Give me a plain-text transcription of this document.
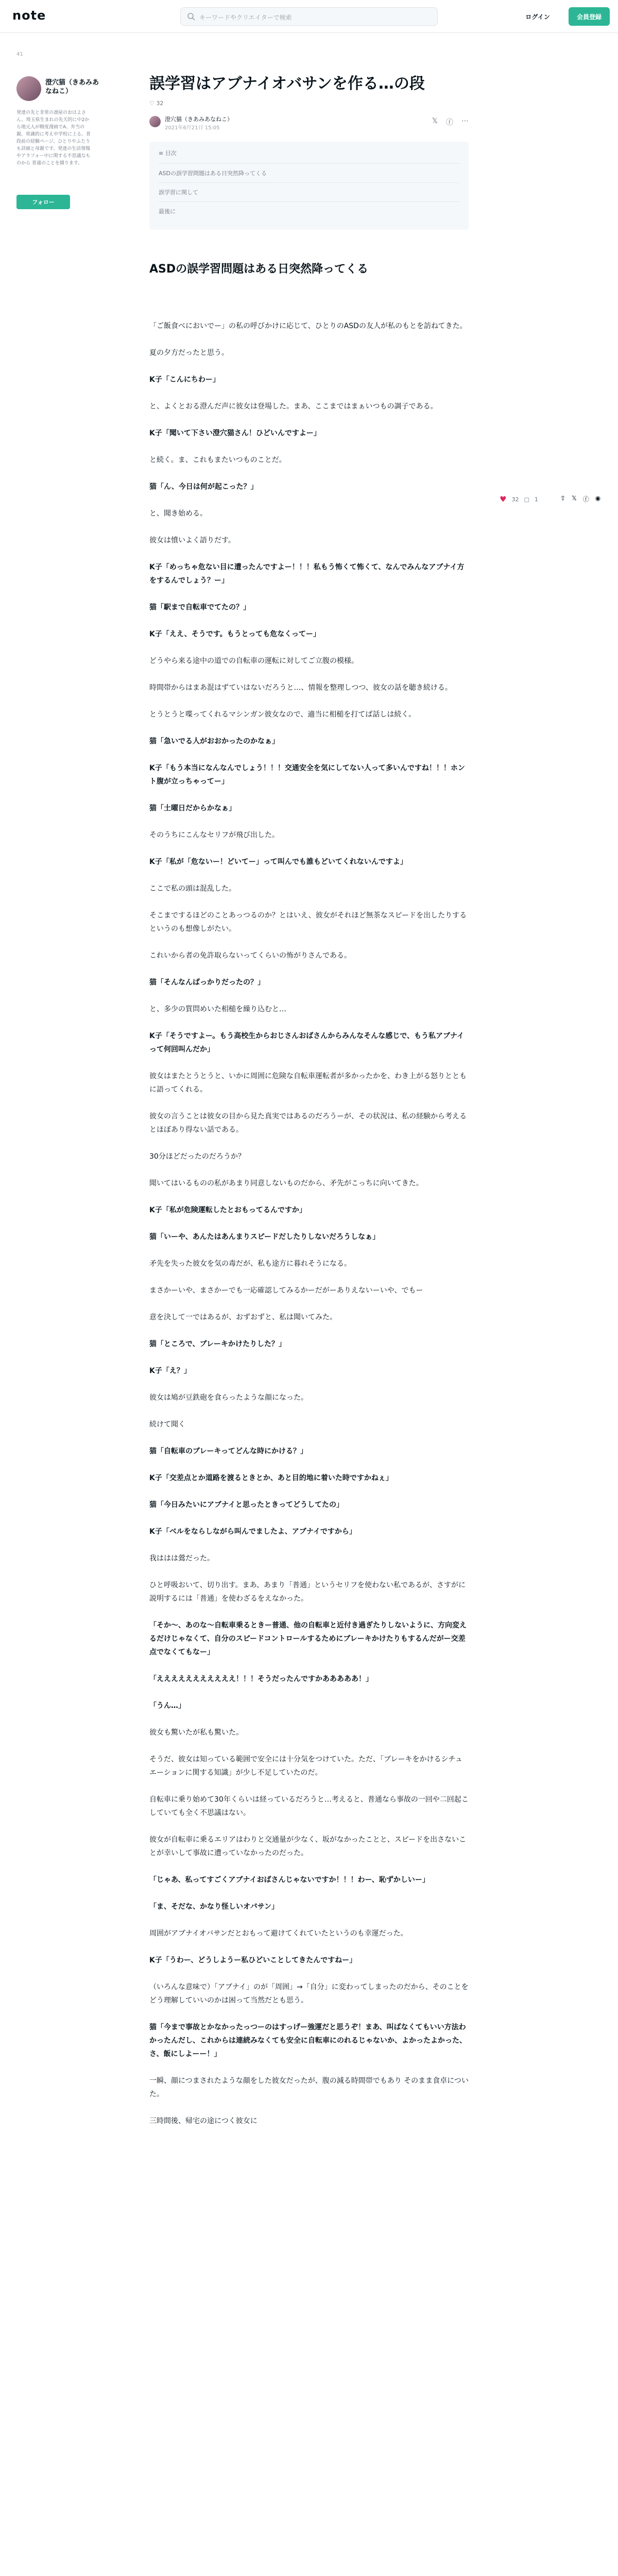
note	キーワードやクリエイターで検索	ログイン	会員登録
41
澄穴猫（きあみあなねこ）
発達の先と非常の凛屋のおはよさん。埼玉県生まれの先天的に中2から地元人が精度漫画でA、弁当の親。常識的に考え中学校に上る。普段前の経験ページ。ひとりやふたりも詳細と母親です。発達の生活情報やアラフォー中に関する不思議なものから 普通のことを綴ります。
フォロー
誤学習はアブナイオバサンを作る…の段
♡ 32
澄穴猫（きあみあなねこ）
2021年6月21日 15:05
𝕏 ⓕ ⋯
≡ 目次
ASDの誤学習問題はある日突然降ってくる
誤学習に関して
最後に
ASDの誤学習問題はある日突然降ってくる

「ご飯食べにおいでー」の私の呼びかけに応じて、ひとりのASDの友人が私のもとを訪ねてきた。

夏の夕方だったと思う。

K子「こんにちわー」

と、よくとおる澄んだ声に彼女は登場した。まあ、ここまではまぁいつもの調子である。

K子「聞いて下さい澄穴猫さん！ひどいんですよー」

と続く。ま、これもまたいつものことだ。

猫「ん、今日は何が起こった？」

と、聞き始める。

彼女は憤いよく語りだす。

K子「めっちゃ危ない目に遭ったんですよー！！！私もう怖くて怖くて、なんでみんなアブナイ方をするんでしょう？ー」

猫「駅まで自転車でてたの？」

K子「ええ、そうです。もうとっても危なくってー」

どうやら来る途中の道での自転車の運転に対してご立腹の模様。

時間帯からはまあ混はずていはないだろうと…、情報を整理しつつ、彼女の話を聴き続ける。

とうとうと喋ってくれるマシンガン彼女なので、適当に相槌を打てば話しは続く。

猫「急いでる人がおおかったのかなぁ」

K子「もう本当になんなんでしょう！！！交通安全を気にしてない人って多いんですね！！！ホント腹が立っちゃってー」

猫「土曜日だからかなぁ」

そのうちにこんなセリフが飛び出した。

K子「私が「危ないー！どいてー」って叫んでも誰もどいてくれないんですよ」

ここで私の頭は混乱した。

そこまでするほどのことあっつるのか？とはいえ、彼女がそれほど無茶なスピードを出したりするというのも想像しがたい。

これいから者の免許取らないってくらいの怖がりさんである。

猫「そんなんばっかりだったの？」

と、多少の質問めいた相槌を繰り込むと…

K子「そうですよー。もう高校生からおじさんおばさんからみんなそんな感じで、もう私アブナイって何回叫んだか」

彼女はまたとうとうと、いかに周囲に危険な自転車運転者が多かったかを、わき上がる怒りとともに語ってくれる。

彼女の言うことは彼女の目から見た真実ではあるのだろうーが、その状況は、私の経験から考えるとほぼあり得ない話である。

30分ほどだったのだろうか？

聞いてはいるものの私があまり同意しないものだから、矛先がこっちに向いてきた。

K子「私が危険運転したとおもってるんですか」

猫「いーや、あんたはあんまりスピードだしたりしないだろうしなぁ」

矛先を失った彼女を気の毒だが、私も途方に暮れそうになる。

まさかーいや、まさかーでも一応確認してみるかーだがーありえないーいや、でもー

意を決して一ではあるが、おずおずと、私は聞いてみた。

猫「ところで、ブレーキかけたりした？」

K子「え？」

彼女は鳩が豆鉄砲を食らったような顔になった。

続けて聞く

猫「自転車のブレーキってどんな時にかける？」

K子「交差点とか道路を渡るときとか、あと目的地に着いた時ですかねぇ」

猫「今日みたいにアブナイと思ったときってどうしてたの」

K子「ベルをならしながら叫んでましたよ、アブナイですから」

我ははは鶯だった。

ひと呼吸おいて、切り出す。まあ、あまり「普通」というセリフを使わない私であるが、さすがに説明するには「普通」を使わざるをえなかった。

「そか～、あのな～自転車乗るときー普通、他の自転車と近付き過ぎたりしないように、方向変えるだけじゃなくて、自分のスピードコントロールするためにブレーキかけたりもするんだがー交差点でなくてもなー」

「えええええええええええ！！！そうだったんですかあああああ！」

「うん…」

彼女も驚いたが私も驚いた。

そうだ、彼女は知っている範囲で安全には十分気をつけていた。ただ、「ブレーキをかけるシチュエーションに関する知識」が少し不足していたのだ。

自転車に乗り始めて30年くらいは経っているだろうと…考えると、普通なら事故の一回や二回起こしていても全く不思議はない。

彼女が自転車に乗るエリアはわりと交通量が少なく、坂がなかったことと、スピードを出さないことが幸いして事故に遭っていなかったのだった。

「じゃあ、私ってすごくアブナイおばさんじゃないですか！！！わー、恥ずかしいー」

「ま、そだな、かなり怪しいオバサン」

周囲がアブナイオバサンだとおもって避けてくれていたというのも幸運だった。

K子「うわー、どうしようー私ひどいことしてきたんですねー」

（いろんな意味で）「アブナイ」のが「周囲」→「自分」に変わってしまったのだから、そのことをどう理解していいのかは困って当然だとも思う。

猫「今まで事故とかなかったっつーのはすっげー強運だと思うぞ！まあ、叫ばなくてもいい方法わかったんだし、これからは連続みなくても安全に自転車にのれるじゃないか、よかったよかった、さ、飯にしよーー！」

一瞬、顔につまされたような顔をした彼女だったが、腹の減る時間帯でもあり そのまま食卓についた。

三時間後、帰宅の途につく彼女に

♥ 32 ▢ 1	⇪ 𝕏 ⓕ ◉
